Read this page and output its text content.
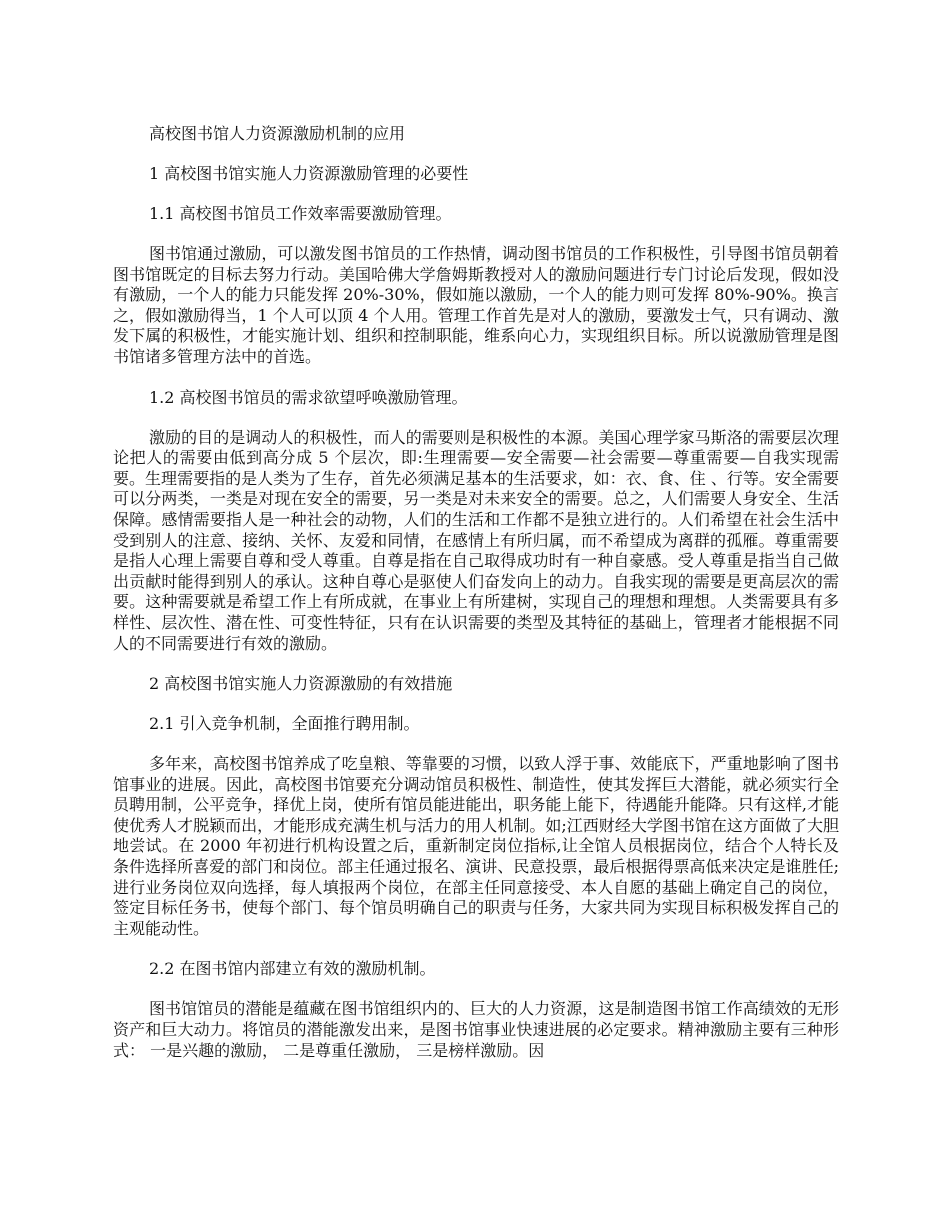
高校图书馆人力资源激励机制的应用

1 高校图书馆实施人力资源激励管理的必要性

1.1 高校图书馆员工作效率需要激励管理。

图书馆通过激励，可以激发图书馆员的工作热情，调动图书馆员的工作积极性，引导图书馆员朝着图书馆既定的目标去努力行动。美国哈佛大学詹姆斯教授对人的激励问题进行专门讨论后发现，假如没有激励，一个人的能力只能发挥 20%-30%，假如施以激励，一个人的能力则可发挥 80%-90%。换言之，假如激励得当，1 个人可以顶 4 个人用。管理工作首先是对人的激励，要激发士气，只有调动、激发下属的积极性，才能实施计划、组织和控制职能，维系向心力，实现组织目标。所以说激励管理是图书馆诸多管理方法中的首选。

1.2 高校图书馆员的需求欲望呼唤激励管理。

激励的目的是调动人的积极性，而人的需要则是积极性的本源。美国心理学家马斯洛的需要层次理论把人的需要由低到高分成 5 个层次，即:生理需要—安全需要—社会需要—尊重需要—自我实现需要。生理需要指的是人类为了生存，首先必须满足基本的生活要求，如：衣、食、住 、行等。安全需要可以分两类，一类是对现在安全的需要，另一类是对未来安全的需要。总之，人们需要人身安全、生活保障。感情需要指人是一种社会的动物，人们的生活和工作都不是独立进行的。人们希望在社会生活中受到别人的注意、接纳、关怀、友爱和同情，在感情上有所归属，而不希望成为离群的孤雁。尊重需要是指人心理上需要自尊和受人尊重。自尊是指在自己取得成功时有一种自豪感。受人尊重是指当自己做出贡献时能得到别人的承认。这种自尊心是驱使人们奋发向上的动力。自我实现的需要是更高层次的需要。这种需要就是希望工作上有所成就，在事业上有所建树，实现自己的理想和理想。人类需要具有多样性、层次性、潜在性、可变性特征，只有在认识需要的类型及其特征的基础上，管理者才能根据不同人的不同需要进行有效的激励。

2 高校图书馆实施人力资源激励的有效措施

2.1 引入竞争机制，全面推行聘用制。

多年来，高校图书馆养成了吃皇粮、等靠要的习惯，以致人浮于事、效能底下，严重地影响了图书馆事业的进展。因此，高校图书馆要充分调动馆员积极性、制造性，使其发挥巨大潜能，就必须实行全员聘用制，公平竞争，择优上岗，使所有馆员能进能出，职务能上能下，待遇能升能降。只有这样,才能使优秀人才脱颖而出，才能形成充满生机与活力的用人机制。如;江西财经大学图书馆在这方面做了大胆地尝试。在 2000 年初进行机构设置之后，重新制定岗位指标,让全馆人员根据岗位，结合个人特长及条件选择所喜爱的部门和岗位。部主任通过报名、演讲、民意投票，最后根据得票高低来决定是谁胜任;进行业务岗位双向选择，每人填报两个岗位，在部主任同意接受、本人自愿的基础上确定自己的岗位，签定目标任务书，使每个部门、每个馆员明确自己的职责与任务，大家共同为实现目标积极发挥自己的主观能动性。

2.2 在图书馆内部建立有效的激励机制。

图书馆馆员的潜能是蕴藏在图书馆组织内的、巨大的人力资源，这是制造图书馆工作高绩效的无形资产和巨大动力。将馆员的潜能激发出来，是图书馆事业快速进展的必定要求。精神激励主要有三种形式： 一是兴趣的激励， 二是尊重任激励， 三是榜样激励。因
